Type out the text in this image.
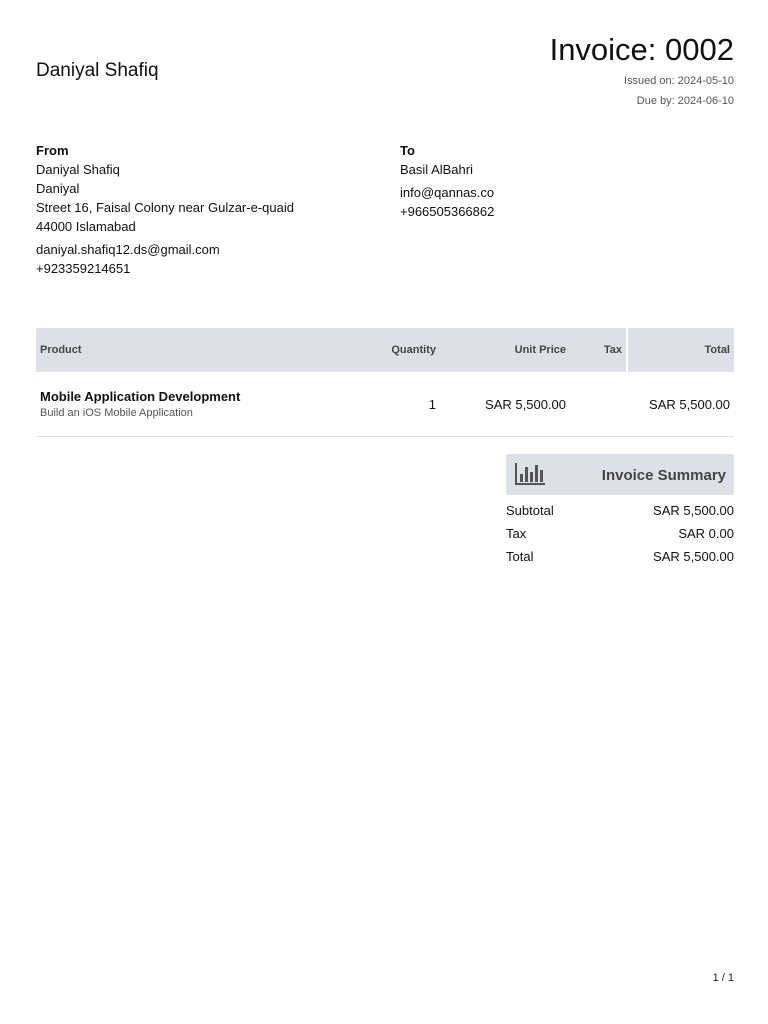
Daniyal Shafiq
Invoice: 0002
Issued on: 2024-05-10
Due by: 2024-06-10
From
Daniyal Shafiq
Daniyal
Street 16, Faisal Colony near Gulzar-e-quaid
44000 Islamabad
daniyal.shafiq12.ds@gmail.com
+923359214651
To
Basil AlBahri
info@qannas.co
+966505366862
Product	Quantity	Unit Price	Tax	Total

Mobile Application Development
Build an iOS Mobile Application	1	SAR 5,500.00		SAR 5,500.00
Invoice Summary
Subtotal	SAR 5,500.00
Tax	SAR 0.00
Total	SAR 5,500.00
1 / 1
